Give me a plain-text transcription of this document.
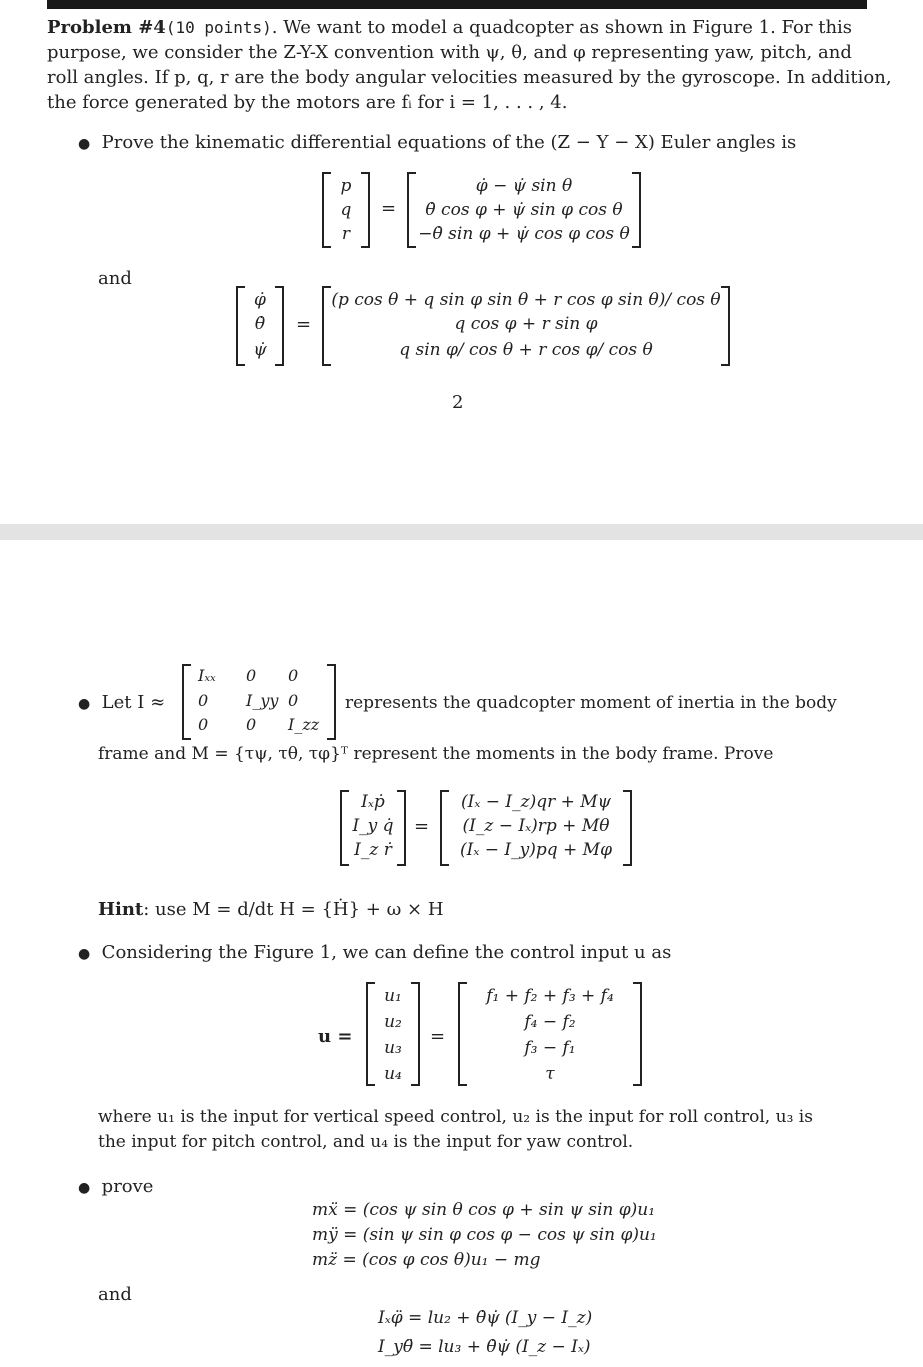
Problem #4(10 points). We want to model a quadcopter as shown in Figure 1. For this
purpose, we consider the Z-Y-X convention with ψ, θ, and φ representing yaw, pitch, and
roll angles. If p, q, r are the body angular velocities measured by the gyroscope. In addition,
the force generated by the motors are fᵢ for i = 1, . . . , 4.
● Prove the kinematic differential equations of the (Z − Y − X) Euler angles is
p
q
r
=
φ̇ − ψ̇ sin θ
θ̇ cos φ + ψ̇ sin φ cos θ
−θ̇ sin φ + ψ̇ cos φ cos θ
and
φ̇
θ̇
ψ̇
=
(p cos θ + q sin φ sin θ + r cos φ sin θ)/ cos θ
q cos φ + r sin φ
q sin φ/ cos θ + r cos φ/ cos θ
2
● Let I ≈
Iₓₓ 0 0
0 I_yy 0
0 0 I_zz
represents the quadcopter moment of inertia in the body
frame and M = {τψ, τθ, τφ}ᵀ represent the moments in the body frame. Prove
Iₓṗ
I_y q̇
I_z ṙ
=
(Iₓ − I_z)qr + Mψ
(I_z − Iₓ)rp + Mθ
(Iₓ − I_y)pq + Mφ
Hint: use M = d/dt H = {Ḣ} + ω × H
● Considering the Figure 1, we can define the control input u as
u =
u₁
u₂
u₃
u₄
=
f₁ + f₂ + f₃ + f₄
f₄ − f₂
f₃ − f₁
τ
where u₁ is the input for vertical speed control, u₂ is the input for roll control, u₃ is
the input for pitch control, and u₄ is the input for yaw control.
● prove
mẍ = (cos ψ sin θ cos φ + sin ψ sin φ)u₁
mÿ = (sin ψ sin φ cos φ − cos ψ sin φ)u₁
mz̈ = (cos φ cos θ)u₁ − mg
and
Iₓφ̈ = lu₂ + θ̇ψ̇ (I_y − I_z)
I_yθ̈ = lu₃ + θ̇ψ̇ (I_z − Iₓ)
